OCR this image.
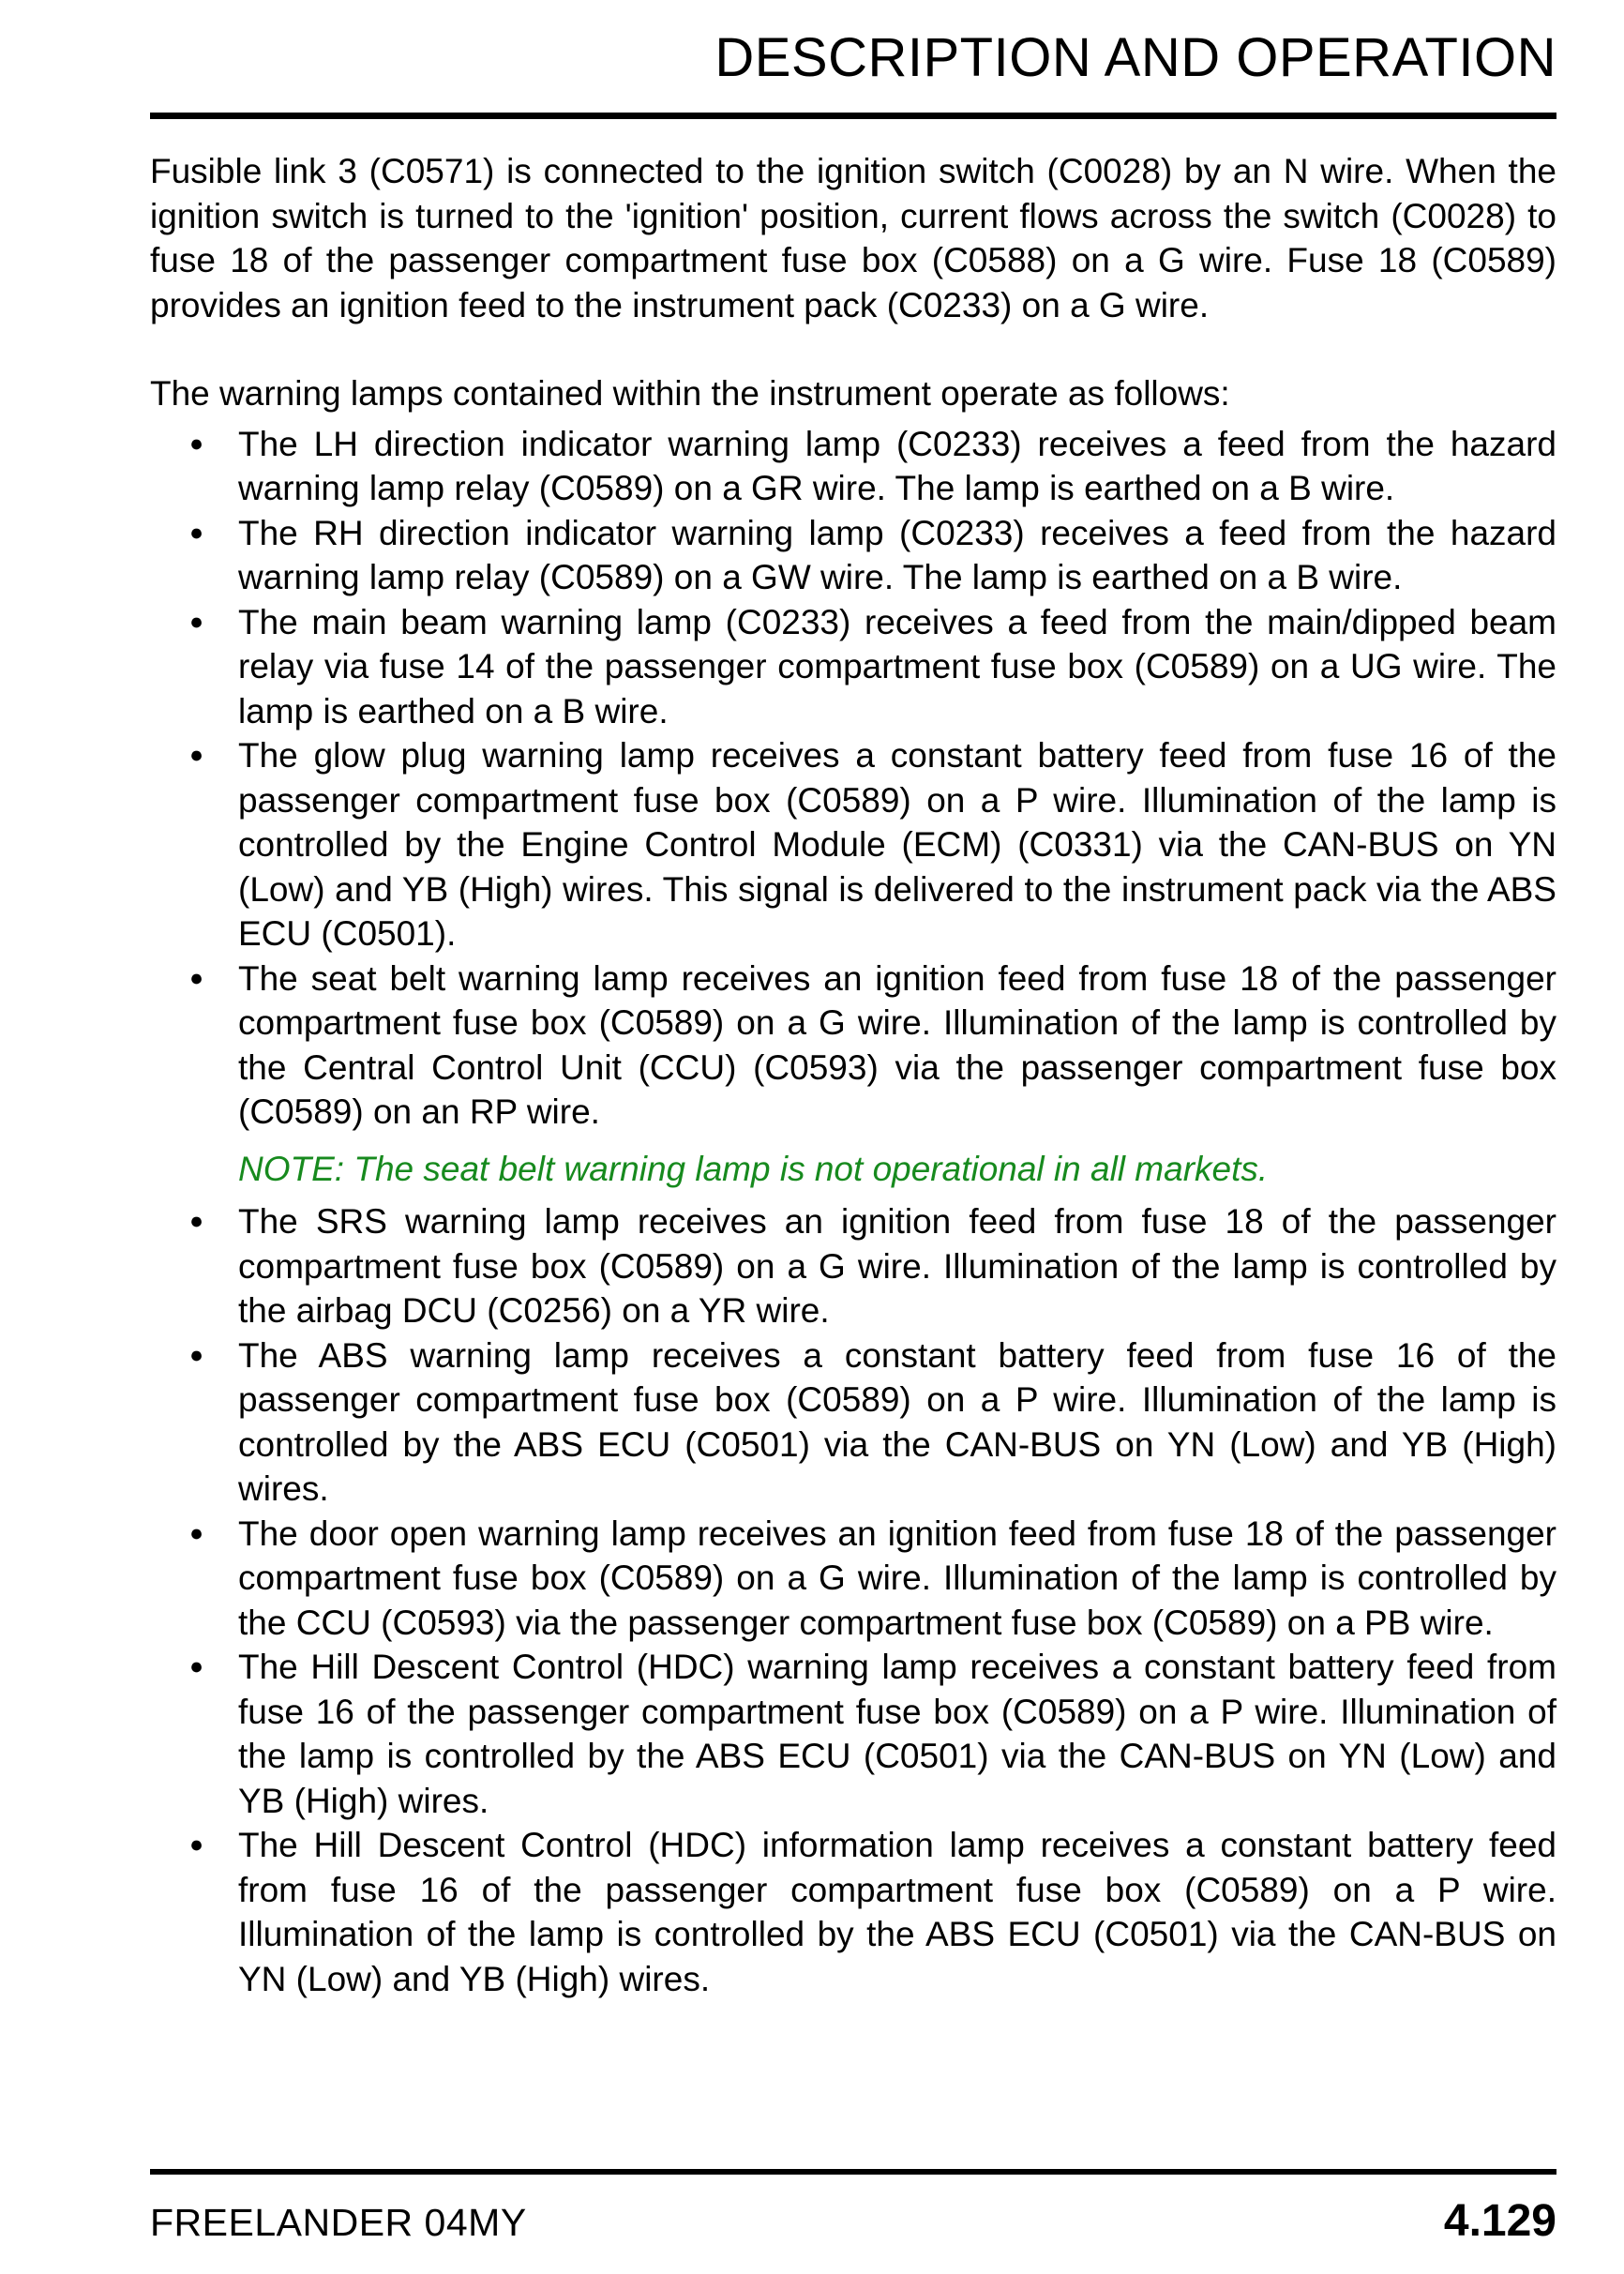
DESCRIPTION AND OPERATION

Fusible link 3 (C0571) is connected to the ignition switch (C0028) by an N wire. When the ignition switch is turned to the 'ignition' position, current flows across the switch (C0028) to fuse 18 of the passenger compartment fuse box (C0588) on a G wire. Fuse 18 (C0589) provides an ignition feed to the instrument pack (C0233) on a G wire.

The warning lamps contained within the instrument operate as follows:

● The LH direction indicator warning lamp (C0233) receives a feed from the hazard warning lamp relay (C0589) on a GR wire. The lamp is earthed on a B wire.
● The RH direction indicator warning lamp (C0233) receives a feed from the hazard warning lamp relay (C0589) on a GW wire. The lamp is earthed on a B wire.
● The main beam warning lamp (C0233) receives a feed from the main/dipped beam relay via fuse 14 of the passenger compartment fuse box (C0589) on a UG wire. The lamp is earthed on a B wire.
● The glow plug warning lamp receives a constant battery feed from fuse 16 of the passenger compartment fuse box (C0589) on a P wire. Illumination of the lamp is controlled by the Engine Control Module (ECM) (C0331) via the CAN-BUS on YN (Low) and YB (High) wires. This signal is delivered to the instrument pack via the ABS ECU (C0501).
● The seat belt warning lamp receives an ignition feed from fuse 18 of the passenger compartment fuse box (C0589) on a G wire. Illumination of the lamp is controlled by the Central Control Unit (CCU) (C0593) via the passenger compartment fuse box (C0589) on an RP wire.
NOTE: The seat belt warning lamp is not operational in all markets.
● The SRS warning lamp receives an ignition feed from fuse 18 of the passenger compartment fuse box (C0589) on a G wire. Illumination of the lamp is controlled by the airbag DCU (C0256) on a YR wire.
● The ABS warning lamp receives a constant battery feed from fuse 16 of the passenger compartment fuse box (C0589) on a P wire. Illumination of the lamp is controlled by the ABS ECU (C0501) via the CAN-BUS on YN (Low) and YB (High) wires.
● The door open warning lamp receives an ignition feed from fuse 18 of the passenger compartment fuse box (C0589) on a G wire. Illumination of the lamp is controlled by the CCU (C0593) via the passenger compartment fuse box (C0589) on a PB wire.
● The Hill Descent Control (HDC) warning lamp receives a constant battery feed from fuse 16 of the passenger compartment fuse box (C0589) on a P wire. Illumination of the lamp is controlled by the ABS ECU (C0501) via the CAN-BUS on YN (Low) and YB (High) wires.
● The Hill Descent Control (HDC) information lamp receives a constant battery feed from fuse 16 of the passenger compartment fuse box (C0589) on a P wire. Illumination of the lamp is controlled by the ABS ECU (C0501) via the CAN-BUS on YN (Low) and YB (High) wires.
FREELANDER 04MY	4.129
